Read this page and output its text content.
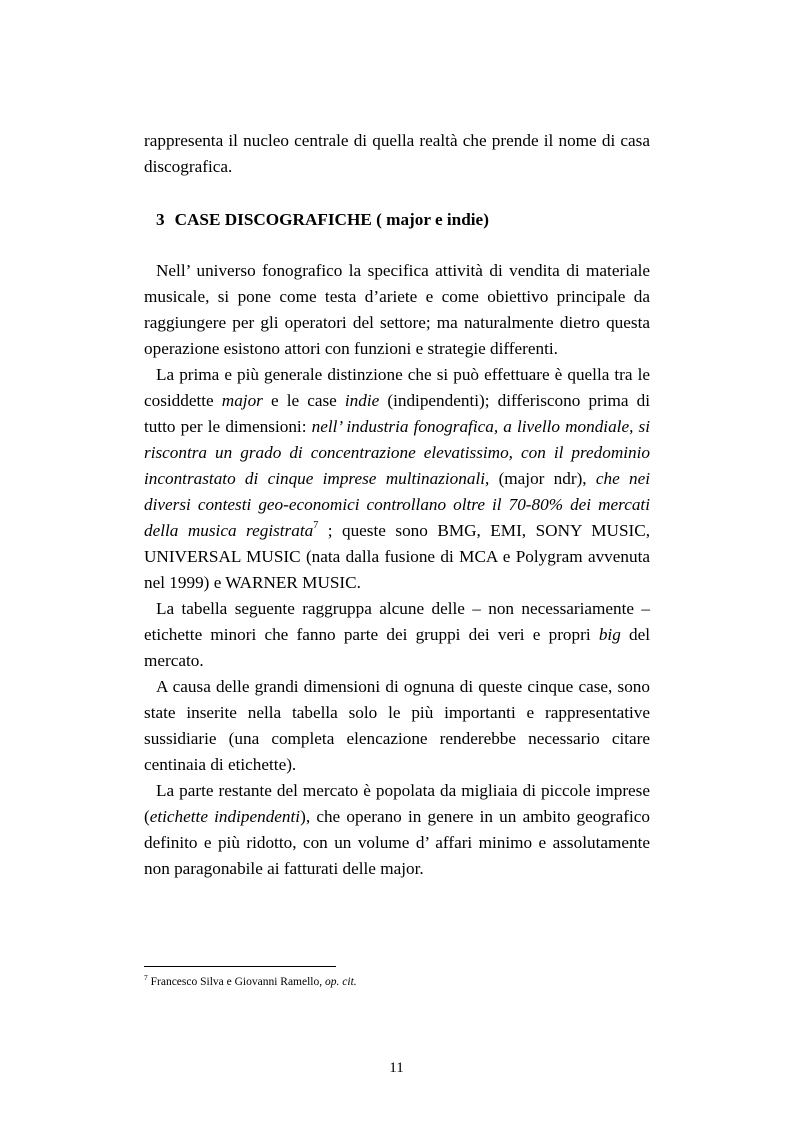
rappresenta il nucleo centrale di quella realtà che prende il nome di casa discografica.

3 CASE DISCOGRAFICHE ( major e indie)

Nell’ universo fonografico la specifica attività di vendita di materiale musicale, si pone come testa d’ariete e come obiettivo principale da raggiungere per gli operatori del settore; ma naturalmente dietro questa operazione esistono attori con funzioni e strategie differenti.

La prima e più generale distinzione che si può effettuare è quella tra le cosiddette major e le case indie (indipendenti); differiscono prima di tutto per le dimensioni: nell’ industria fonografica, a livello mondiale, si riscontra un grado di concentrazione elevatissimo, con il predominio incontrastato di cinque imprese multinazionali, (major ndr), che nei diversi contesti geo-economici controllano oltre il 70-80% dei mercati della musica registrata$^7$ ; queste sono BMG, EMI, SONY MUSIC, UNIVERSAL MUSIC (nata dalla fusione di MCA e Polygram avvenuta nel 1999) e WARNER MUSIC.

La tabella seguente raggruppa alcune delle – non necessariamente – etichette minori che fanno parte dei gruppi dei veri e propri big del mercato.

A causa delle grandi dimensioni di ognuna di queste cinque case, sono state inserite nella tabella solo le più importanti e rappresentative sussidiarie (una completa elencazione renderebbe necessario citare centinaia di etichette).

La parte restante del mercato è popolata da migliaia di piccole imprese (etichette indipendenti), che operano in genere in un ambito geografico definito e più ridotto, con un volume d’ affari minimo e assolutamente non paragonabile ai fatturati delle major.

$^7$ Francesco Silva e Giovanni Ramello, op. cit.

11
